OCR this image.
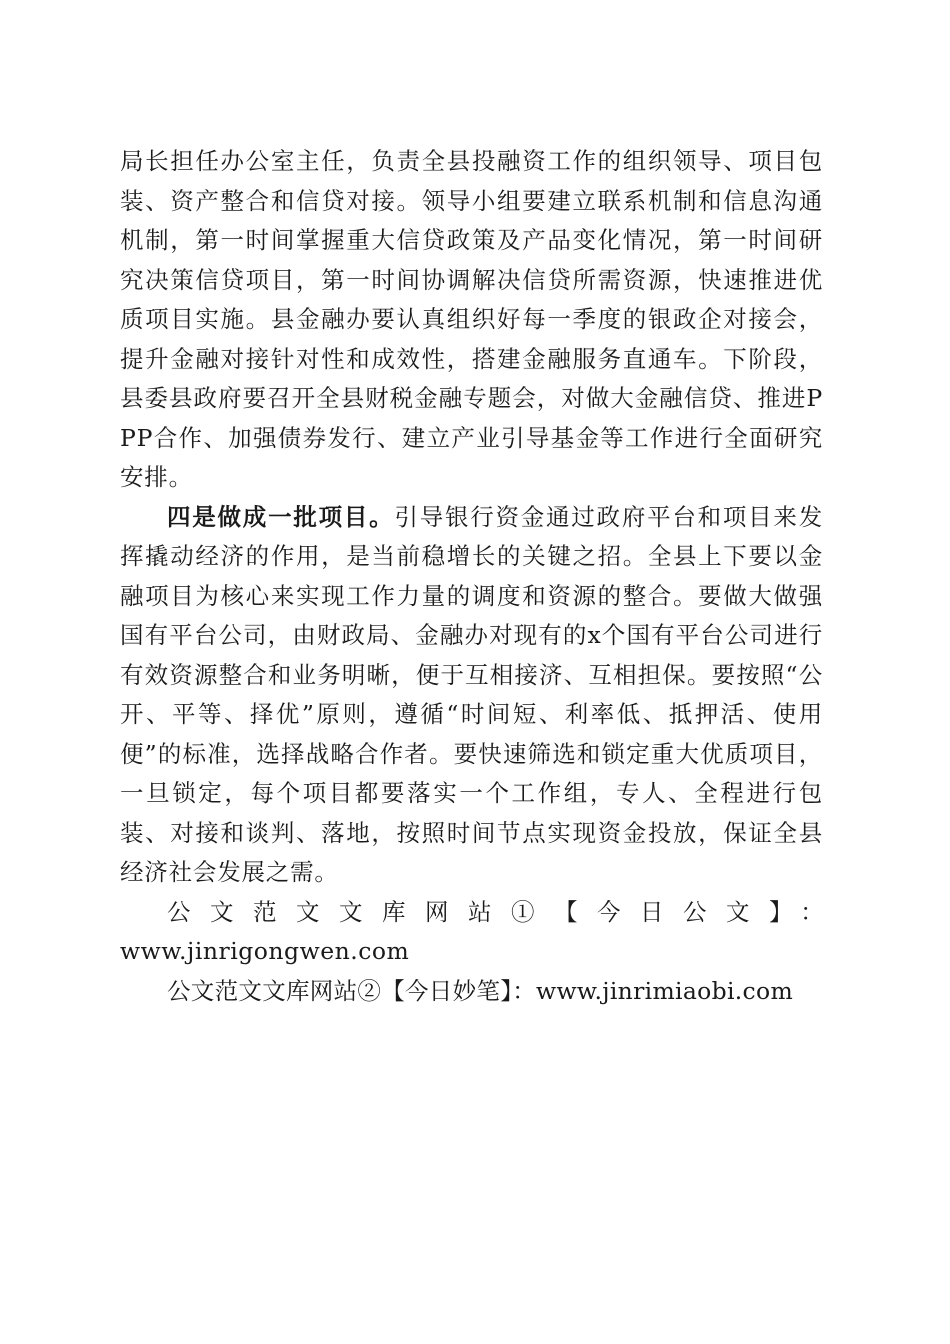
局长担任办公室主任，负责全县投融资工作的组织领导、项目包装、资产整合和信贷对接。领导小组要建立联系机制和信息沟通机制，第一时间掌握重大信贷政策及产品变化情况，第一时间研究决策信贷项目，第一时间协调解决信贷所需资源，快速推进优质项目实施。县金融办要认真组织好每一季度的银政企对接会，提升金融对接针对性和成效性，搭建金融服务直通车。下阶段，县委县政府要召开全县财税金融专题会，对做大金融信贷、推进PPP合作、加强债券发行、建立产业引导基金等工作进行全面研究安排。

四是做成一批项目。引导银行资金通过政府平台和项目来发挥撬动经济的作用，是当前稳增长的关键之招。全县上下要以金融项目为核心来实现工作力量的调度和资源的整合。要做大做强国有平台公司，由财政局、金融办对现有的x个国有平台公司进行有效资源整合和业务明晰，便于互相接济、互相担保。要按照“公开、平等、择优”原则，遵循“时间短、利率低、抵押活、使用便”的标准，选择战略合作者。要快速筛选和锁定重大优质项目，一旦锁定，每个项目都要落实一个工作组，专人、全程进行包装、对接和谈判、落地，按照时间节点实现资金投放，保证全县经济社会发展之需。

公文范文文库网站①【今日公文】：

www.jinrigongwen.com

公文范文文库网站②【今日妙笔】：www.jinrimiaobi.com
